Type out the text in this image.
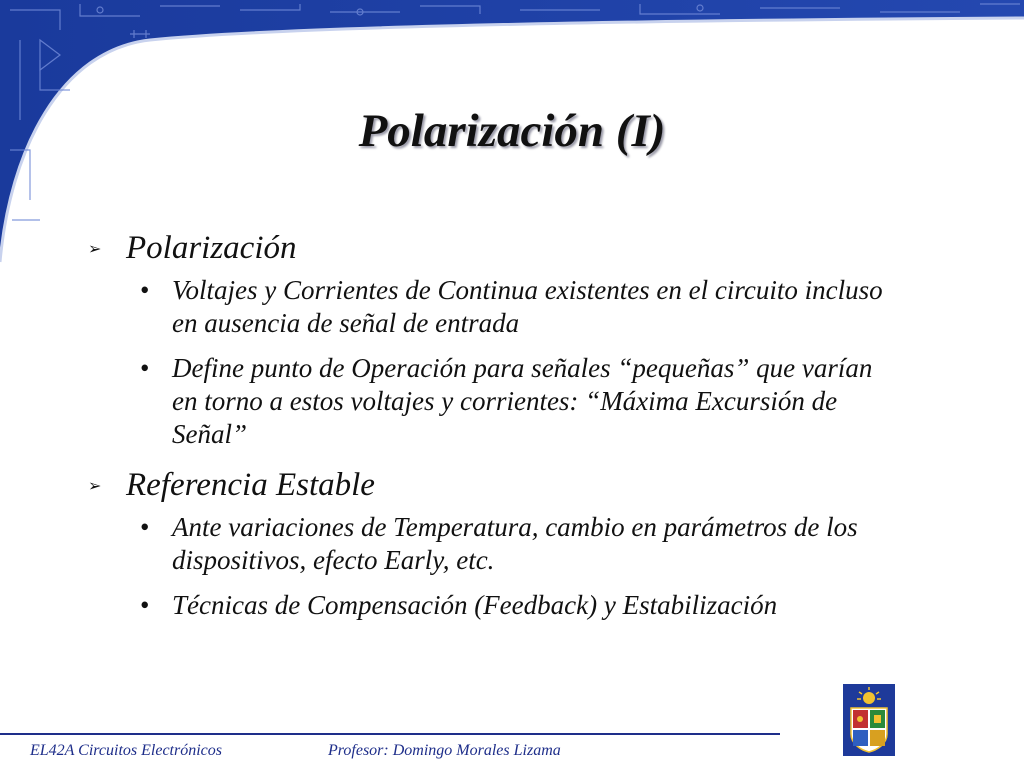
Polarización (I)

➢ Polarización

• Voltajes y Corrientes de Continua existentes en el circuito incluso en ausencia de señal de entrada

• Define punto de Operación para señales “pequeñas” que varían en torno a estos voltajes y corrientes: “Máxima Excursión de Señal”

➢ Referencia Estable

• Ante variaciones de Temperatura, cambio en parámetros de los dispositivos, efecto Early, etc.

• Técnicas de Compensación (Feedback) y Estabilización

EL42A Circuitos Electrónicos	Profesor: Domingo Morales Lizama
